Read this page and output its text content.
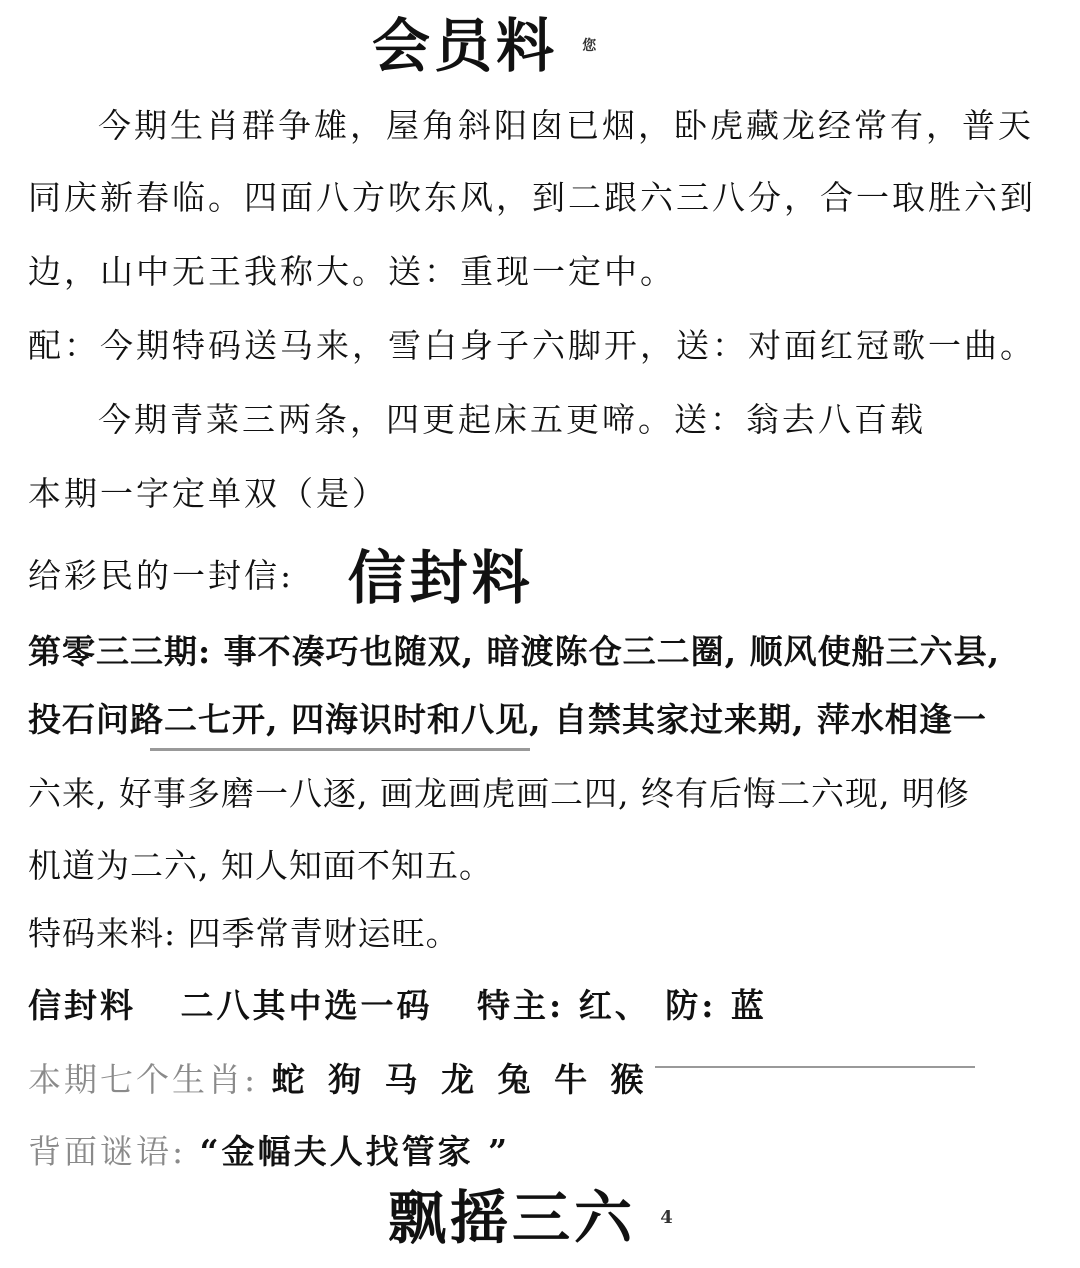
会员料 $^您$
今期生肖群争雄，屋角斜阳囱已烟，卧虎藏龙经常有，普天
同庆新春临。四面八方吹东风，到二跟六三八分，合一取胜六到
边，山中无王我称大。送：重现一定中。
配：今期特码送马来，雪白身子六脚开，送：对面红冠歌一曲。
今期青菜三两条，四更起床五更啼。送：翁去八百载
本期一字定单双（是）
给彩民的一封信: 信封料
第零三三期: 事不凑巧也随双, 暗渡陈仓三二圈, 顺风使船三六县,
投石问路二七开, 四海识时和八见, 自禁其家过来期, 萍水相逢一
六来, 好事多磨一八逐, 画龙画虎画二四, 终有后悔二六现, 明修
机道为二六, 知人知面不知五。
特码来料: 四季常青财运旺。
信封料 二八其中选一码 特主: 红、 防: 蓝
本期七个生肖: 蛇 狗 马 龙 兔 牛 猴
背面谜语: “金幅夫人找管家 ”
飘摇三六 $^4$
